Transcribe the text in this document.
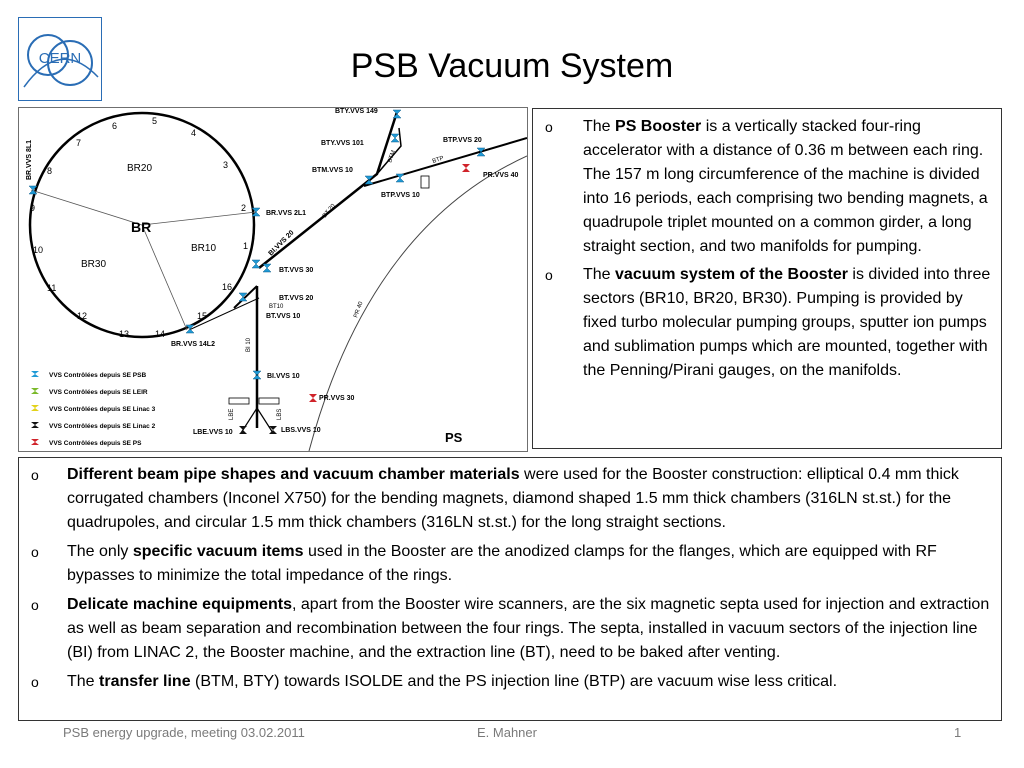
CERN	PSB Vacuum System
BR20
BR
BR10
BR30
1
2
3
4
5
6
7
8
9
10
11
12
13	14
15
16
BR.VVS 8L1
BR.VVS 2L1
BR.VVS 14L2
BTY.VVS 149
BTY.VVS 101
BTM
BTM.VVS 10
BTP
BTP.VVS 20
PR.VVS 40
BTP.VVS 10
BT 20
BI.VVS 20
BT.VVS 30
BT.VVS 20
BT10
BT.VVS 10
BI 10
BI.VVS 10
PR 40
PR.VVS 30
LBE	LBS
LBE.VVS 10	LBS.VVS 10	PS
VVS Contrôlées depuis SE PSB
VVS Contrôlées depuis SE LEIR
VVS Contrôlées depuis SE Linac 3
VVS Contrôlées depuis SE Linac 2
VVS Contrôlées depuis SE PS
o The PS Booster is a vertically stacked four-ring accelerator with a distance of 0.36 m between each ring. The 157 m long circumference of the machine is divided into 16 periods, each comprising two bending magnets, a quadrupole triplet mounted on a common girder, a long straight section, and two manifolds for pumping.
o The vacuum system of the Booster is divided into three sectors (BR10, BR20, BR30). Pumping is provided by fixed turbo molecular pumping groups, sputter ion pumps and sublimation pumps which are mounted, together with the Penning/Pirani gauges, on the manifolds.
o Different beam pipe shapes and vacuum chamber materials were used for the Booster construction: elliptical 0.4 mm thick corrugated chambers (Inconel X750) for the bending magnets, diamond shaped 1.5 mm thick chambers (316LN st.st.) for the quadrupoles, and circular 1.5 mm thick chambers (316LN st.st.) for the long straight sections.
o The only specific vacuum items used in the Booster are the anodized clamps for the flanges, which are equipped with RF bypasses to minimize the total impedance of the rings.
o Delicate machine equipments, apart from the Booster wire scanners, are the six magnetic septa used for injection and extraction as well as beam separation and recombination between the four rings. The septa, installed in vacuum sectors of the injection line (BI) from LINAC 2, the Booster machine, and the extraction line (BT), need to be baked after venting.
o The transfer line (BTM, BTY) towards ISOLDE and the PS injection line (BTP) are vacuum wise less critical.
PSB energy upgrade, meeting 03.02.2011	E. Mahner	1
